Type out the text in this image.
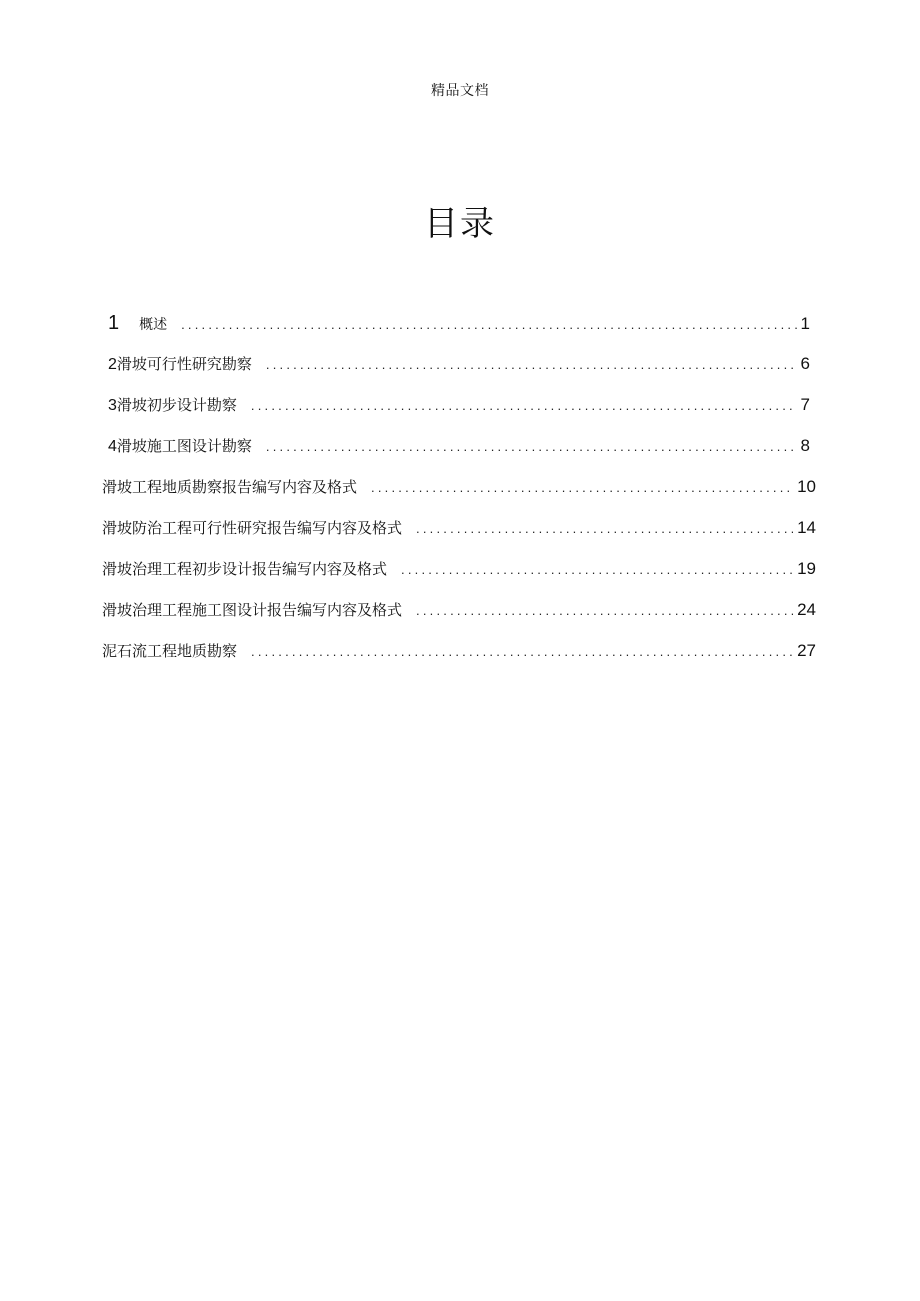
精品文档
目录
1 概述 .....	1
2 滑坡可行性研究勘察 .....	6
3 滑坡初步设计勘察 .....	7
4 滑坡施工图设计勘察 .....	8
滑坡工程地质勘察报告编写内容及格式 .....	10
滑坡防治工程可行性研究报告编写内容及格式 .....	14
滑坡治理工程初步设计报告编写内容及格式 .....	19
滑坡治理工程施工图设计报告编写内容及格式 .....	24
泥石流工程地质勘察 .....	27
